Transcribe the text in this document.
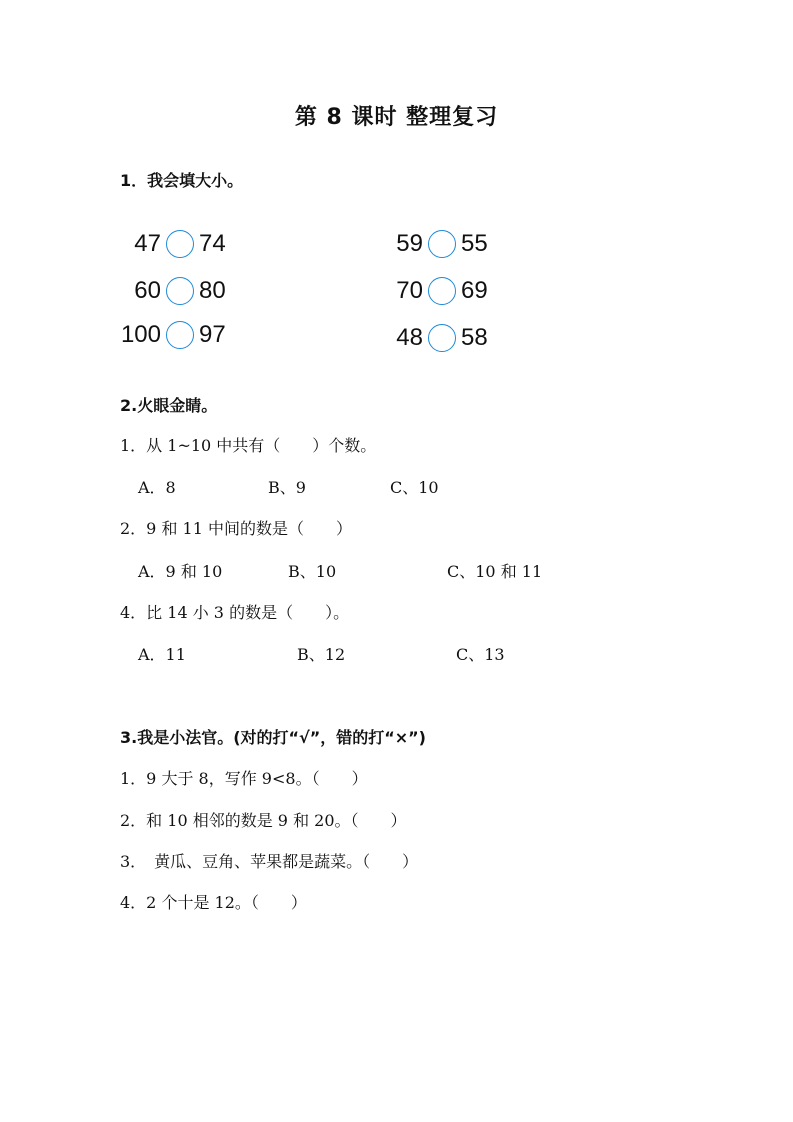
第 8 课时 整理复习
1．我会填大小。
47 74
60 80
100 97
59 55
70 69
48 58
2.火眼金睛。
1．从 1~10 中共有（　　）个数。
A．8	B、9	C、10
2．9 和 11 中间的数是（　　）
A．9 和 10	B、10	C、10 和 11
4．比 14 小 3 的数是（　　）。
A．11	B、12	C、13
3.我是小法官。(对的打“√”，错的打“×”)
1．9 大于 8，写作 9<8。（　　）
2．和 10 相邻的数是 9 和 20。（　　）
3．　黄瓜、豆角、苹果都是蔬菜。（　　）
4．2 个十是 12。（　　）
